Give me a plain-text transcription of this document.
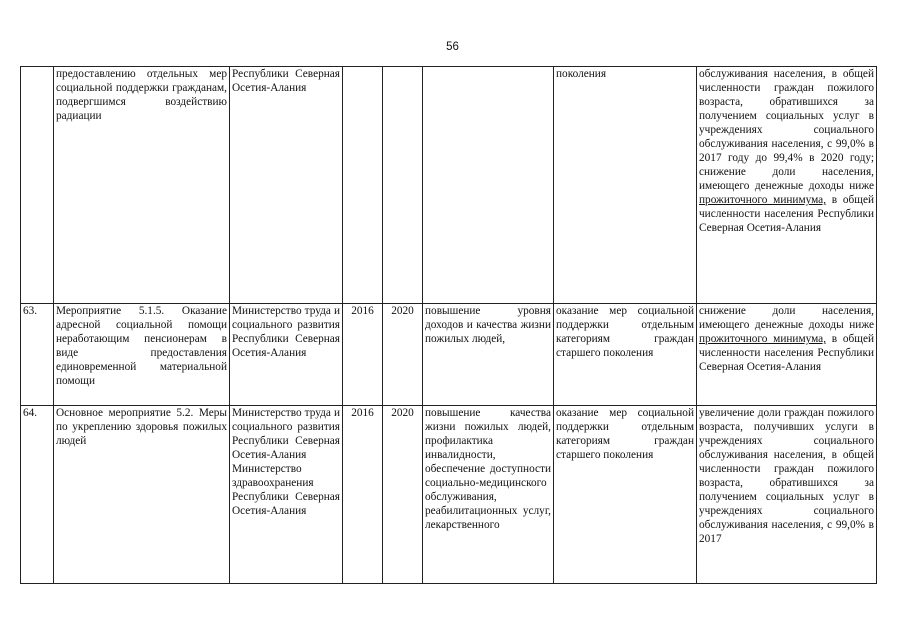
56
	предоставлению отдельных мер социальной поддержки гражданам, подвергшимся воздействию радиации	Республики Северная Осетия-Алания				поколения	обслуживания населения, в общей численности граждан пожилого возраста, обратившихся за получением социальных услуг в учреждениях социального обслуживания населения, с 99,0% в 2017 году до 99,4% в 2020 году; снижение доли населения, имеющего денежные доходы ниже прожиточного минимума, в общей численности населения Республики Северная Осетия-Алания
63.	Мероприятие 5.1.5. Оказание адресной социальной помощи неработающим пенсионерам в виде предоставления единовременной материальной помощи	Министерство труда и социального развития Республики Северная Осетия-Алания	2016	2020	повышение уровня доходов и качества жизни пожилых людей,	оказание мер социальной поддержки отдельным категориям граждан старшего поколения	снижение доли населения, имеющего денежные доходы ниже прожиточного минимума, в общей численности населения Республики Северная Осетия-Алания
64.	Основное мероприятие 5.2. Меры по укреплению здоровья пожилых людей	Министерство труда и социального развития Республики Северная Осетия-Алания Министерство здравоохранения Республики Северная Осетия-Алания	2016	2020	повышение качества жизни пожилых людей, профилактика инвалидности, обеспечение доступности социально-медицинского обслуживания, реабилитационных услуг, лекарственного	оказание мер социальной поддержки отдельным категориям граждан старшего поколения	увеличение доли граждан пожилого возраста, получивших услуги в учреждениях социального обслуживания населения, в общей численности граждан пожилого возраста, обратившихся за получением социальных услуг в учреждениях социального обслуживания населения, с 99,0% в 2017
